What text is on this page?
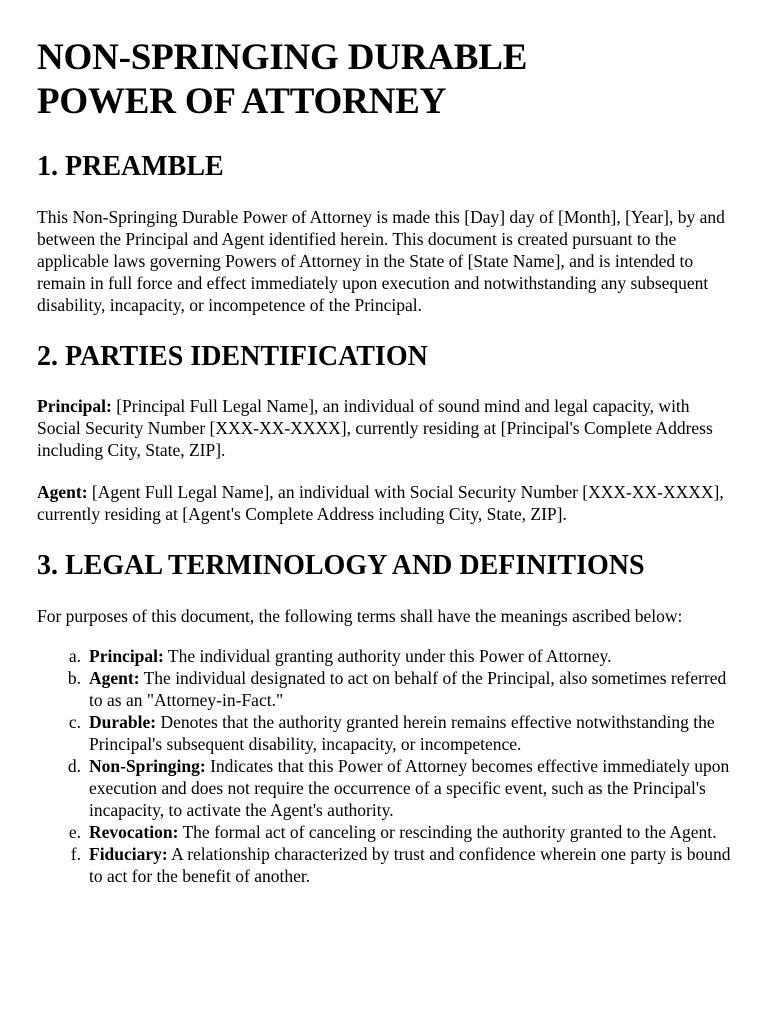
NON-SPRINGING DURABLE
POWER OF ATTORNEY
1. PREAMBLE

This Non-Springing Durable Power of Attorney is made this [Day] day of [Month], [Year], by and between the Principal and Agent identified herein. This document is created pursuant to the applicable laws governing Powers of Attorney in the State of [State Name], and is intended to remain in full force and effect immediately upon execution and notwithstanding any subsequent disability, incapacity, or incompetence of the Principal.

2. PARTIES IDENTIFICATION

Principal: [Principal Full Legal Name], an individual of sound mind and legal capacity, with Social Security Number [XXX-XX-XXXX], currently residing at [Principal's Complete Address including City, State, ZIP].

Agent: [Agent Full Legal Name], an individual with Social Security Number [XXX-XX-XXXX], currently residing at [Agent's Complete Address including City, State, ZIP].

3. LEGAL TERMINOLOGY AND DEFINITIONS

For purposes of this document, the following terms shall have the meanings ascribed below:

a. Principal: The individual granting authority under this Power of Attorney.
b. Agent: The individual designated to act on behalf of the Principal, also sometimes referred to as an "Attorney-in-Fact."
c. Durable: Denotes that the authority granted herein remains effective notwithstanding the Principal's subsequent disability, incapacity, or incompetence.
d. Non-Springing: Indicates that this Power of Attorney becomes effective immediately upon execution and does not require the occurrence of a specific event, such as the Principal's incapacity, to activate the Agent's authority.
e. Revocation: The formal act of canceling or rescinding the authority granted to the Agent.
f. Fiduciary: A relationship characterized by trust and confidence wherein one party is bound to act for the benefit of another.
